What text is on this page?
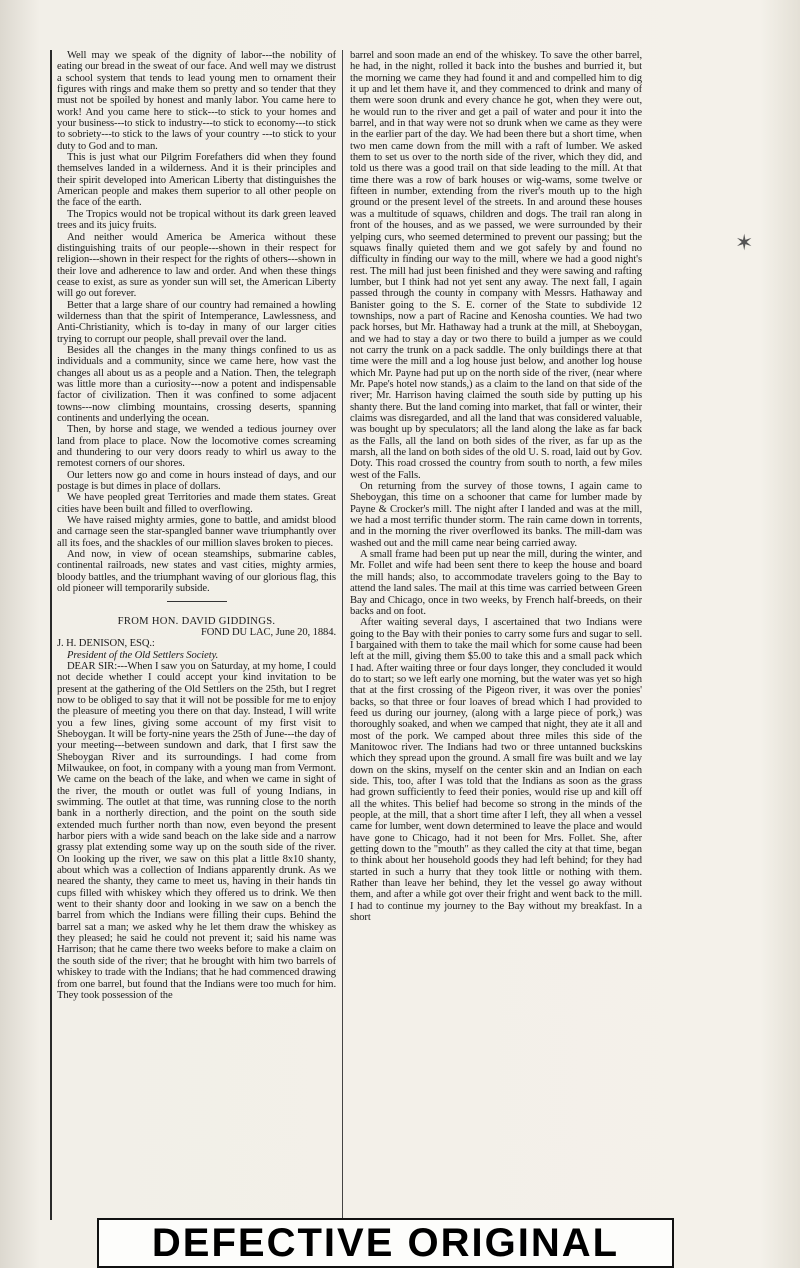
Well may we speak of the dignity of labor---the nobility of eating our bread in the sweat of our face. And well may we distrust a school system that tends to lead young men to ornament their figures with rings and make them so pretty and so tender that they must not be spoiled by honest and manly labor. You came here to work! And you came here to stick---to stick to your homes and your business---to stick to industry---to stick to economy---to stick to sobriety---to stick to the laws of your country ---to stick to your duty to God and to man.

This is just what our Pilgrim Forefathers did when they found themselves landed in a wilderness. And it is their principles and their spirit developed into American Liberty that distinguishes the American people and makes them superior to all other people on the face of the earth.

The Tropics would not be tropical without its dark green leaved trees and its juicy fruits.

And neither would America be America without these distinguishing traits of our people---shown in their respect for religion---shown in their respect for the rights of others---shown in their love and adherence to law and order. And when these things cease to exist, as sure as yonder sun will set, the American Liberty will go out forever.

Better that a large share of our country had remained a howling wilderness than that the spirit of Intemperance, Lawlessness, and Anti-Christianity, which is to-day in many of our larger cities trying to corrupt our people, shall prevail over the land.

Besides all the changes in the many things confined to us as individuals and a community, since we came here, how vast the changes all about us as a people and a Nation. Then, the telegraph was little more than a curiosity---now a potent and indispensable factor of civilization. Then it was confined to some adjacent towns---now climbing mountains, crossing deserts, spanning continents and underlying the ocean.

Then, by horse and stage, we wended a tedious journey over land from place to place. Now the locomotive comes screaming and thundering to our very doors ready to whirl us away to the remotest corners of our shores.

Our letters now go and come in hours instead of days, and our postage is but dimes in place of dollars.

We have peopled great Territories and made them states. Great cities have been built and filled to overflowing.

We have raised mighty armies, gone to battle, and amidst blood and carnage seen the star-spangled banner wave triumphantly over all its foes, and the shackles of our million slaves broken to pieces.

And now, in view of ocean steamships, submarine cables, continental railroads, new states and vast cities, mighty armies, bloody battles, and the triumphant waving of our glorious flag, this old pioneer will temporarily subside.

FROM HON. DAVID GIDDINGS.

FOND DU LAC, June 20, 1884.

J. H. DENISON, ESQ.:

President of the Old Settlers Society.

DEAR SIR:---When I saw you on Saturday, at my home, I could not decide whether I could accept your kind invitation to be present at the gathering of the Old Settlers on the 25th, but I regret now to be obliged to say that it will not be possible for me to enjoy the pleasure of meeting you there on that day. Instead, I will write you a few lines, giving some account of my first visit to Sheboygan. It will be forty-nine years the 25th of June---the day of your meeting---between sundown and dark, that I first saw the Sheboygan River and its surroundings. I had come from Milwaukee, on foot, in company with a young man from Vermont. We came on the beach of the lake, and when we came in sight of the river, the mouth or outlet was full of young Indians, in swimming. The outlet at that time, was running close to the north bank in a northerly direction, and the point on the south side extended much further north than now, even beyond the present harbor piers with a wide sand beach on the lake side and a narrow grassy plat extending some way up on the south side of the river. On looking up the river, we saw on this plat a little 8x10 shanty, about which was a collection of Indians apparently drunk. As we neared the shanty, they came to meet us, having in their hands tin cups filled with whiskey which they offered us to drink. We then went to their shanty door and looking in we saw on a bench the barrel from which the Indians were filling their cups. Behind the barrel sat a man; we asked why he let them draw the whiskey as they pleased; he said he could not prevent it; said his name was Harrison; that he came there two weeks before to make a claim on the south side of the river; that he brought with him two barrels of whiskey to trade with the Indians; that he had commenced drawing from one barrel, but found that the Indians were too much for him. They took possession of the

barrel and soon made an end of the whiskey. To save the other barrel, he had, in the night, rolled it back into the bushes and burried it, but the morning we came they had found it and and compelled him to dig it up and let them have it, and they commenced to drink and many of them were soon drunk and every chance he got, when they were out, he would run to the river and get a pail of water and pour it into the barrel, and in that way were not so drunk when we came as they were in the earlier part of the day. We had been there but a short time, when two men came down from the mill with a raft of lumber. We asked them to set us over to the north side of the river, which they did, and told us there was a good trail on that side leading to the mill. At that time there was a row of bark houses or wig-wams, some twelve or fifteen in number, extending from the river's mouth up to the high ground or the present level of the streets. In and around these houses was a multitude of squaws, children and dogs. The trail ran along in front of the houses, and as we passed, we were surrounded by their yelping curs, who seemed determined to prevent our passing; but the squaws finally quieted them and we got safely by and found no difficulty in finding our way to the mill, where we had a good night's rest. The mill had just been finished and they were sawing and rafting lumber, but I think had not yet sent any away. The next fall, I again passed through the county in company with Messrs. Hathaway and Banister going to the S. E. corner of the State to subdivide 12 townships, now a part of Racine and Kenosha counties. We had two pack horses, but Mr. Hathaway had a trunk at the mill, at Sheboygan, and we had to stay a day or two there to build a jumper as we could not carry the trunk on a pack saddle. The only buildings there at that time were the mill and a log house just below, and another log house which Mr. Payne had put up on the north side of the river, (near where Mr. Pape's hotel now stands,) as a claim to the land on that side of the river; Mr. Harrison having claimed the south side by putting up his shanty there. But the land coming into market, that fall or winter, their claims was disregarded, and all the land that was considered valuable, was bought up by speculators; all the land along the lake as far back as the Falls, all the land on both sides of the river, as far up as the marsh, all the land on both sides of the old U. S. road, laid out by Gov. Doty. This road crossed the country from south to north, a few miles west of the Falls.

On returning from the survey of those towns, I again came to Sheboygan, this time on a schooner that came for lumber made by Payne & Crocker's mill. The night after I landed and was at the mill, we had a most terrific thunder storm. The rain came down in torrents, and in the morning the river overflowed its banks. The mill-dam was washed out and the mill came near being carried away.

A small frame had been put up near the mill, during the winter, and Mr. Follet and wife had been sent there to keep the house and board the mill hands; also, to accommodate travelers going to the Bay to attend the land sales. The mail at this time was carried between Green Bay and Chicago, once in two weeks, by French half-breeds, on their backs and on foot.

After waiting several days, I ascertained that two Indians were going to the Bay with their ponies to carry some furs and sugar to sell. I bargained with them to take the mail which for some cause had been left at the mill, giving them $5.00 to take this and a small pack which I had. After waiting three or four days longer, they concluded it would do to start; so we left early one morning, but the water was yet so high that at the first crossing of the Pigeon river, it was over the ponies' backs, so that three or four loaves of bread which I had provided to feed us during our journey, (along with a large piece of pork,) was thoroughly soaked, and when we camped that night, they ate it all and most of the pork. We camped about three miles this side of the Manitowoc river. The Indians had two or three untanned buckskins which they spread upon the ground. A small fire was built and we lay down on the skins, myself on the center skin and an Indian on each side. This, too, after I was told that the Indians as soon as the grass had grown sufficiently to feed their ponies, would rise up and kill off all the whites. This belief had become so strong in the minds of the people, at the mill, that a short time after I left, they all when a vessel came for lumber, went down determined to leave the place and would have gone to Chicago, had it not been for Mrs. Follet. She, after getting down to the "mouth" as they called the city at that time, began to think about her household goods they had left behind; for they had started in such a hurry that they took little or nothing with them. Rather than leave her behind, they let the vessel go away without them, and after a while got over their fright and went back to the mill. I had to continue my journey to the Bay without my breakfast. In a short

✶
DEFECTIVE ORIGINAL
